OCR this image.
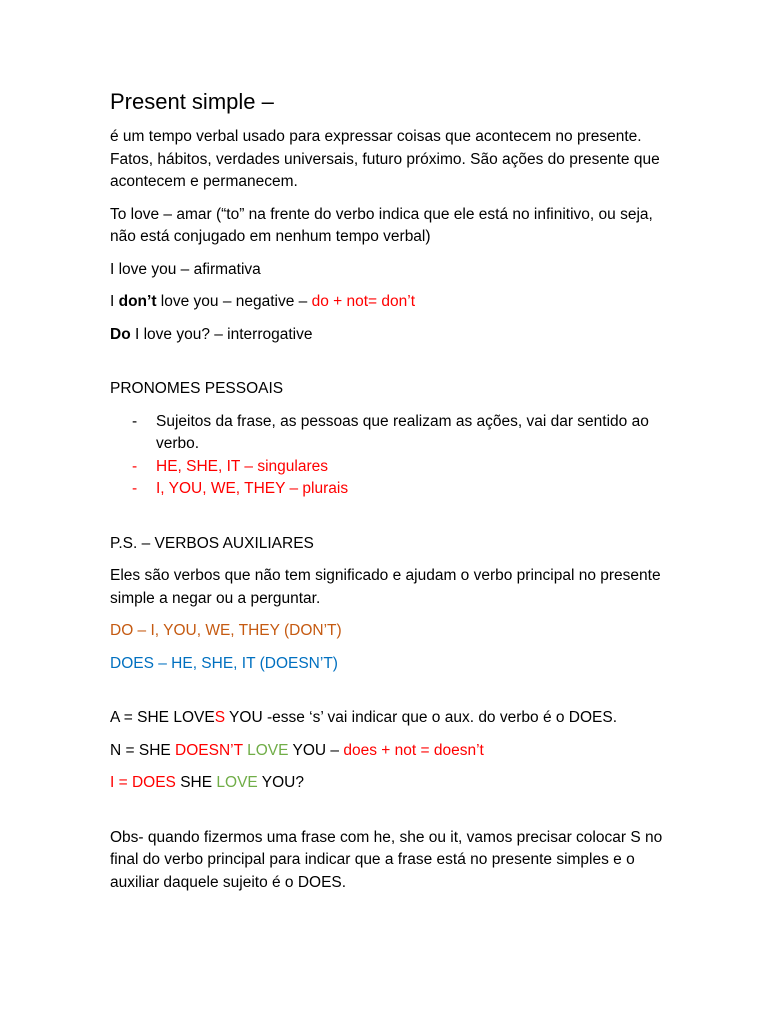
Present simple –

é um tempo verbal usado para expressar coisas que acontecem no presente. Fatos, hábitos, verdades universais, futuro próximo. São ações do presente que acontecem e permanecem.

To love – amar (“to” na frente do verbo indica que ele está no infinitivo, ou seja, não está conjugado em nenhum tempo verbal)

I love you – afirmativa

I don’t love you – negative – do + not= don’t

Do I love you? – interrogative

PRONOMES PESSOAIS

- Sujeitos da frase, as pessoas que realizam as ações, vai dar sentido ao verbo.
- HE, SHE, IT – singulares
- I, YOU, WE, THEY – plurais

P.S. – VERBOS AUXILIARES

Eles são verbos que não tem significado e ajudam o verbo principal no presente simple a negar ou a perguntar.

DO – I, YOU, WE, THEY (DON’T)

DOES – HE, SHE, IT (DOESN’T)

A = SHE LOVES YOU -esse ‘s’ vai indicar que o aux. do verbo é o DOES.

N = SHE DOESN’T LOVE YOU – does + not = doesn’t

I = DOES SHE LOVE YOU?

Obs- quando fizermos uma frase com he, she ou it, vamos precisar colocar S no final do verbo principal para indicar que a frase está no presente simples e o auxiliar daquele sujeito é o DOES.
